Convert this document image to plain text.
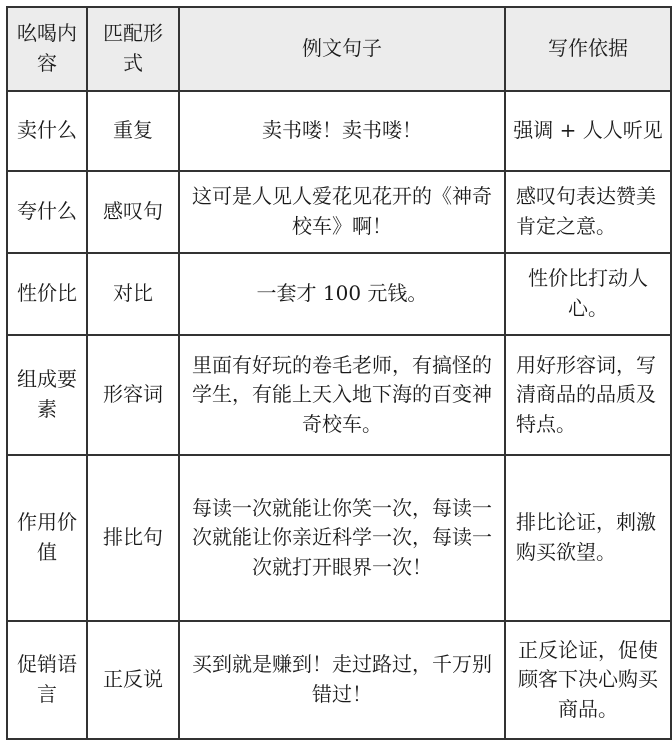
吆喝内容	匹配形式	例文句子	写作依据
卖什么	重复	卖书喽！卖书喽！	强调 + 人人听见
夸什么	感叹句	这可是人见人爱花见花开的《神奇校车》啊！	感叹句表达赞美肯定之意。
性价比	对比	一套才 100 元钱。	性价比打动人心。
组成要素	形容词	里面有好玩的卷毛老师，有搞怪的学生，有能上天入地下海的百变神奇校车。	用好形容词，写清商品的品质及特点。
作用价值	排比句	每读一次就能让你笑一次，每读一次就能让你亲近科学一次，每读一次就打开眼界一次！	排比论证，刺激购买欲望。
促销语言	正反说	买到就是赚到！走过路过，千万别错过！	正反论证，促使顾客下决心购买商品。
